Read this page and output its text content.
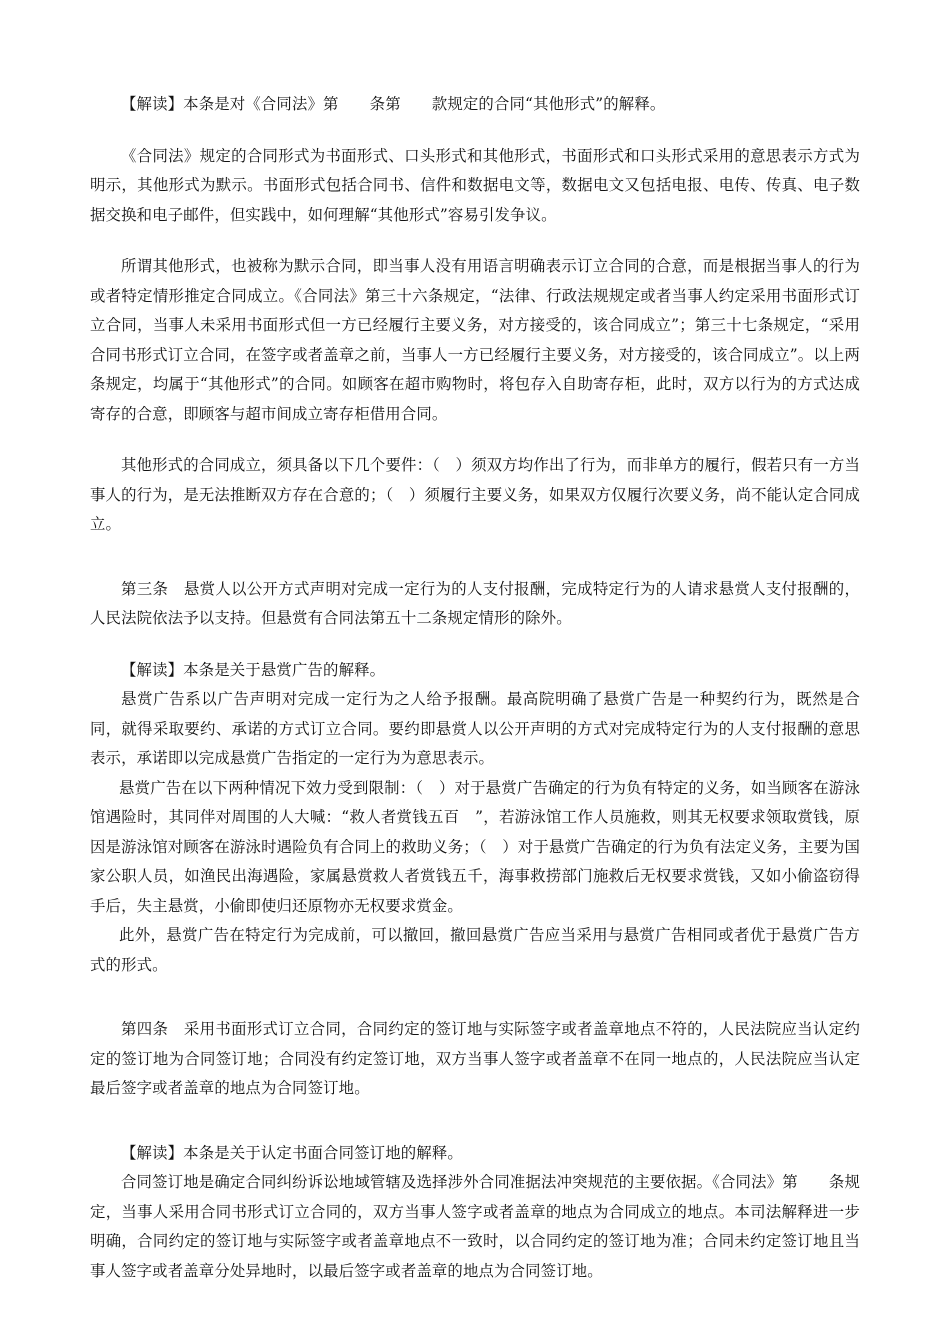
【解读】本条是对《合同法》第　　条第　　款规定的合同“其他形式”的解释。

《合同法》规定的合同形式为书面形式、口头形式和其他形式，书面形式和口头形式采用的意思表示方式为明示，其他形式为默示。书面形式包括合同书、信件和数据电文等，数据电文又包括电报、电传、传真、电子数据交换和电子邮件，但实践中，如何理解“其他形式”容易引发争议。

所谓其他形式，也被称为默示合同，即当事人没有用语言明确表示订立合同的合意，而是根据当事人的行为或者特定情形推定合同成立。《合同法》第三十六条规定，“法律、行政法规规定或者当事人约定采用书面形式订立合同，当事人未采用书面形式但一方已经履行主要义务，对方接受的，该合同成立”；第三十七条规定，“采用合同书形式订立合同，在签字或者盖章之前，当事人一方已经履行主要义务，对方接受的，该合同成立”。以上两条规定，均属于“其他形式”的合同。如顾客在超市购物时，将包存入自助寄存柜，此时，双方以行为的方式达成寄存的合意，即顾客与超市间成立寄存柜借用合同。

其他形式的合同成立，须具备以下几个要件：（　）须双方均作出了行为，而非单方的履行，假若只有一方当事人的行为，是无法推断双方存在合意的；（　）须履行主要义务，如果双方仅履行次要义务，尚不能认定合同成立。

第三条　悬赏人以公开方式声明对完成一定行为的人支付报酬，完成特定行为的人请求悬赏人支付报酬的，人民法院依法予以支持。但悬赏有合同法第五十二条规定情形的除外。

【解读】本条是关于悬赏广告的解释。

悬赏广告系以广告声明对完成一定行为之人给予报酬。最高院明确了悬赏广告是一种契约行为，既然是合同，就得采取要约、承诺的方式订立合同。要约即悬赏人以公开声明的方式对完成特定行为的人支付报酬的意思表示，承诺即以完成悬赏广告指定的一定行为为意思表示。

悬赏广告在以下两种情况下效力受到限制：（　）对于悬赏广告确定的行为负有特定的义务，如当顾客在游泳馆遇险时，其同伴对周围的人大喊：“救人者赏钱五百　”，若游泳馆工作人员施救，则其无权要求领取赏钱，原因是游泳馆对顾客在游泳时遇险负有合同上的救助义务；（　）对于悬赏广告确定的行为负有法定义务，主要为国家公职人员，如渔民出海遇险，家属悬赏救人者赏钱五千，海事救捞部门施救后无权要求赏钱，又如小偷盗窃得手后，失主悬赏，小偷即使归还原物亦无权要求赏金。

此外，悬赏广告在特定行为完成前，可以撤回，撤回悬赏广告应当采用与悬赏广告相同或者优于悬赏广告方式的形式。

第四条　采用书面形式订立合同，合同约定的签订地与实际签字或者盖章地点不符的，人民法院应当认定约定的签订地为合同签订地；合同没有约定签订地，双方当事人签字或者盖章不在同一地点的，人民法院应当认定最后签字或者盖章的地点为合同签订地。

【解读】本条是关于认定书面合同签订地的解释。

合同签订地是确定合同纠纷诉讼地域管辖及选择涉外合同准据法冲突规范的主要依据。《合同法》第　　条规定，当事人采用合同书形式订立合同的，双方当事人签字或者盖章的地点为合同成立的地点。本司法解释进一步明确，合同约定的签订地与实际签字或者盖章地点不一致时，以合同约定的签订地为准；合同未约定签订地且当事人签字或者盖章分处异地时，以最后签字或者盖章的地点为合同签订地。
